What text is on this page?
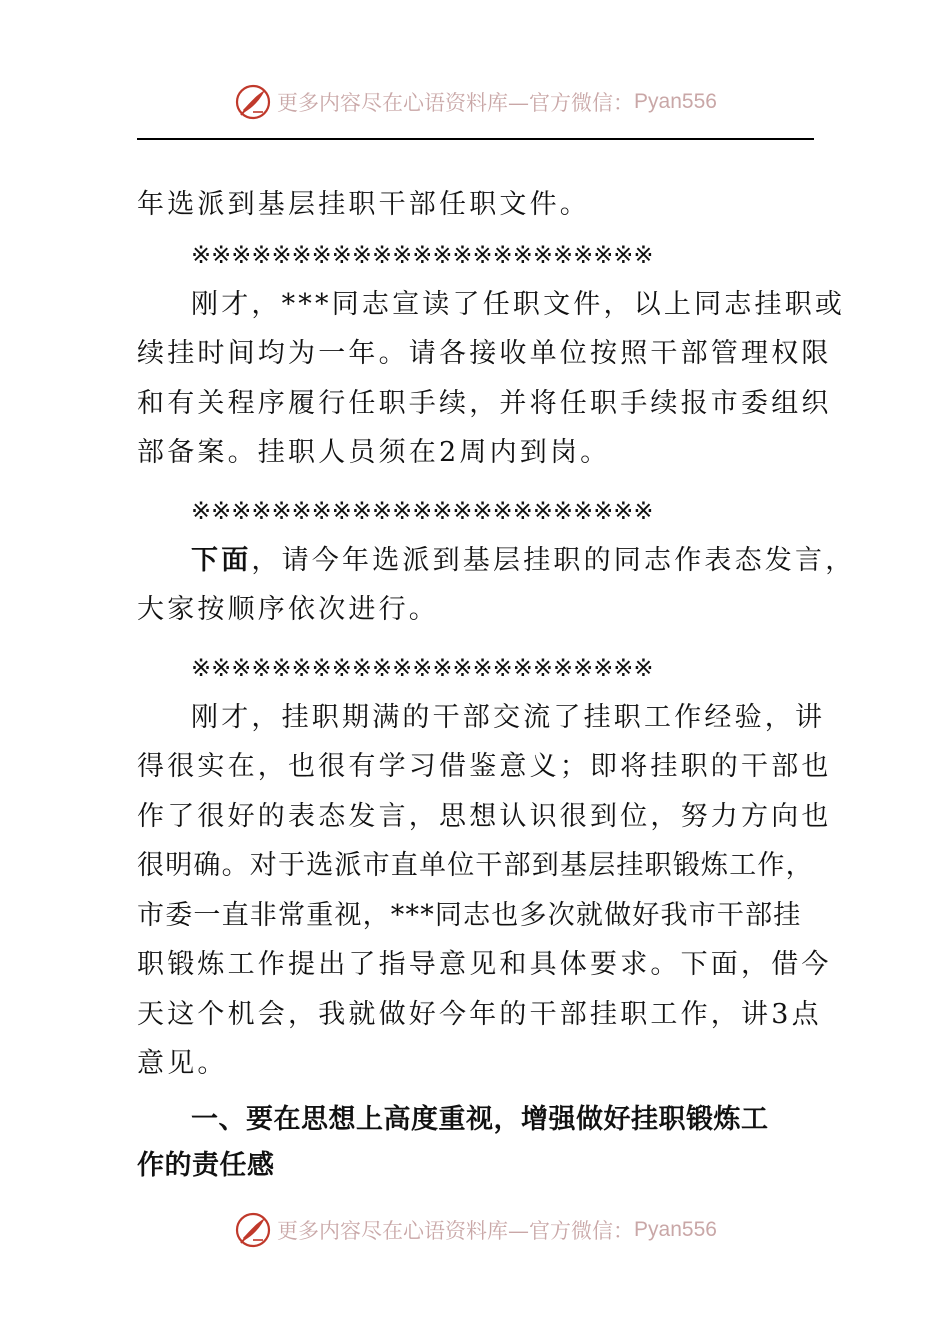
更多内容尽在心语资料库—官方微信： Pyan556
年选派到基层挂职干部任职文件。
※※※※※※※※※※※※※※※※※※※※※※※
刚才，***同志宣读了任职文件，以上同志挂职或
续挂时间均为一年。请各接收单位按照干部管理权限
和有关程序履行任职手续，并将任职手续报市委组织
部备案。挂职人员须在2周内到岗。
※※※※※※※※※※※※※※※※※※※※※※※
下面，请今年选派到基层挂职的同志作表态发言，
大家按顺序依次进行。
※※※※※※※※※※※※※※※※※※※※※※※
刚才，挂职期满的干部交流了挂职工作经验，讲
得很实在，也很有学习借鉴意义；即将挂职的干部也
作了很好的表态发言，思想认识很到位，努力方向也
很明确。对于选派市直单位干部到基层挂职锻炼工作，
市委一直非常重视，***同志也多次就做好我市干部挂
职锻炼工作提出了指导意见和具体要求。下面，借今
天这个机会，我就做好今年的干部挂职工作，讲3点
意见。
一、要在思想上高度重视，增强做好挂职锻炼工
作的责任感
更多内容尽在心语资料库—官方微信： Pyan556
